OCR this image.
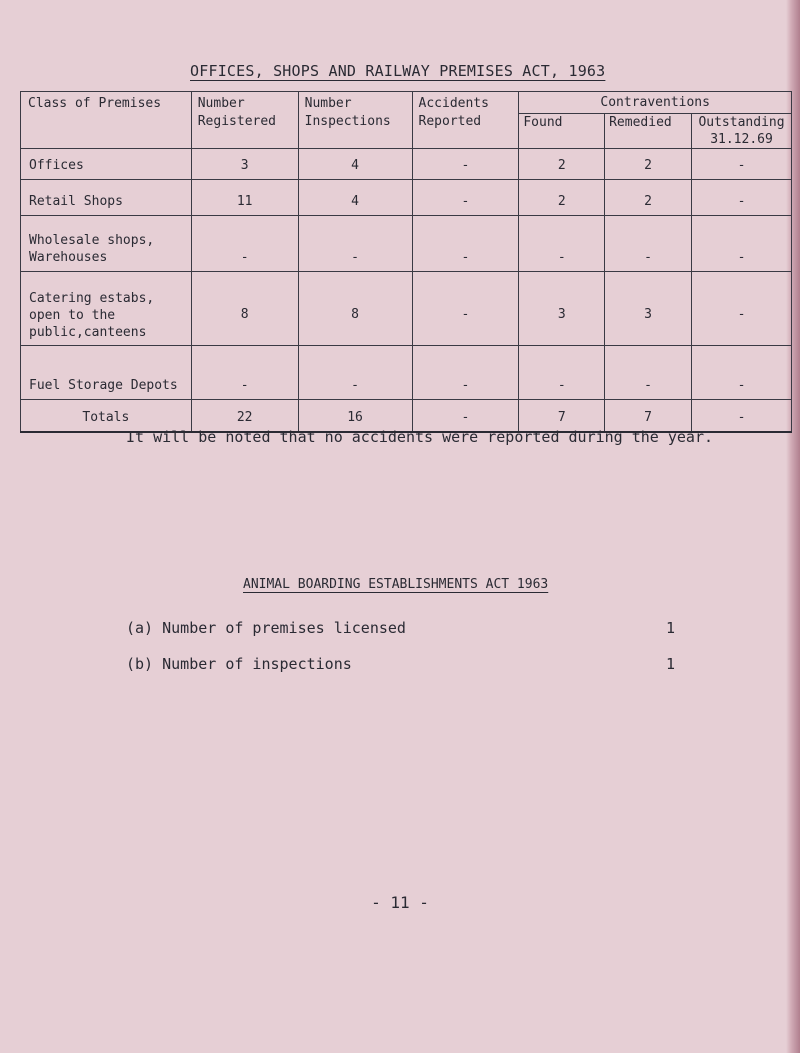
OFFICES, SHOPS AND RAILWAY PREMISES ACT, 1963
Class of Premises	Number Registered	Number Inspections	Accidents Reported	Contraventions		
				Found	Remedied	Outstanding 31.12.69
Offices	3	4	-	2	2	-
Retail Shops	11	4	-	2	2	-
Wholesale shops, Warehouses	-	-	-	-	-	-
Catering estabs, open to the public,canteens	8	8	-	3	3	-
Fuel Storage Depots	-	-	-	-	-	-
Totals	22	16	-	7	7	-
It will be noted that no accidents were reported during the year.
ANIMAL BOARDING ESTABLISHMENTS ACT 1963
(a) Number of premises licensed	1
(b) Number of inspections	1
- 11 -
